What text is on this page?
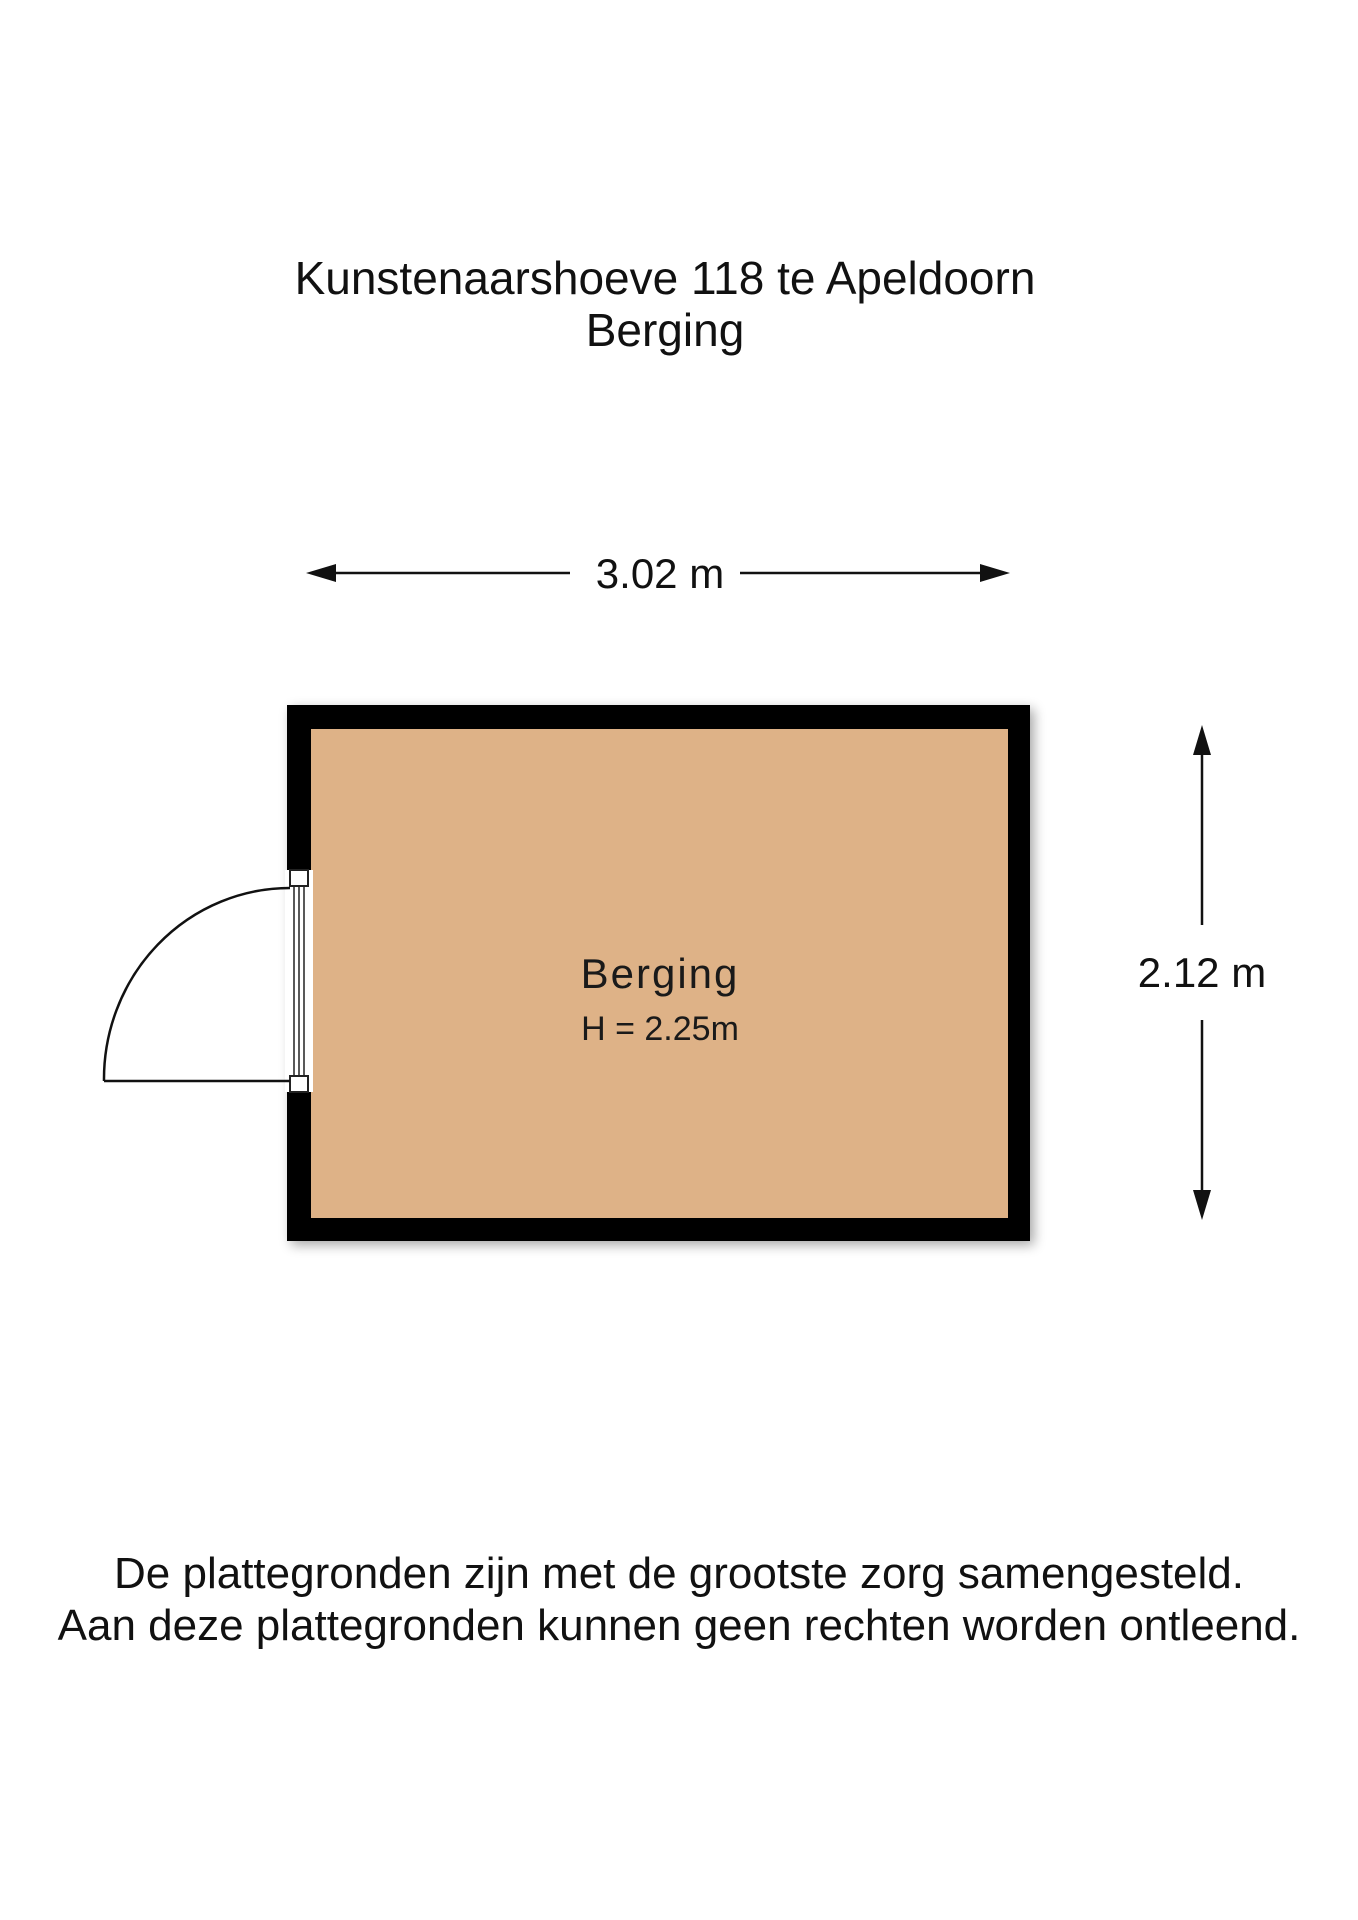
Kunstenaarshoeve 118 te Apeldoorn
Berging
3.02 m
2.12 m
Berging
H = 2.25m
De plattegronden zijn met de grootste zorg samengesteld.
Aan deze plattegronden kunnen geen rechten worden ontleend.
